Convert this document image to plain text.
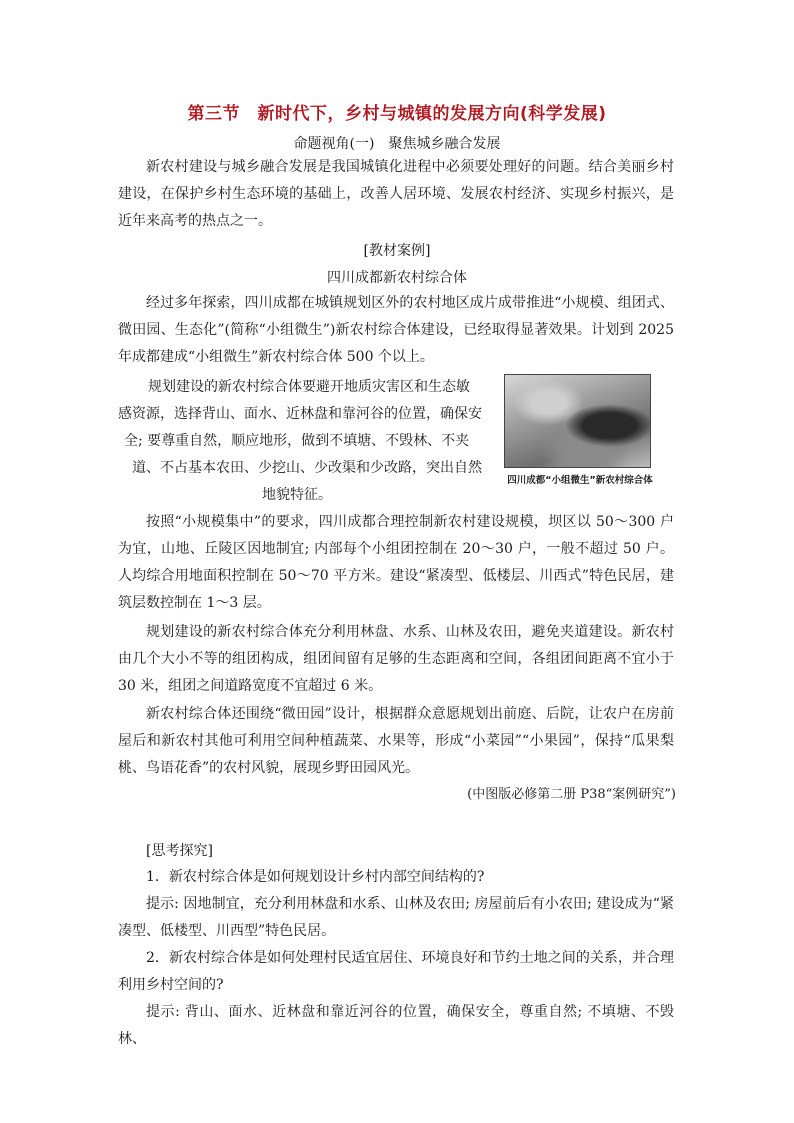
第三节　新时代下，乡村与城镇的发展方向(科学发展)
命题视角(一)　聚焦城乡融合发展
新农村建设与城乡融合发展是我国城镇化进程中必须要处理好的问题。结合美丽乡村建设，在保护乡村生态环境的基础上，改善人居环境、发展农村经济、实现乡村振兴，是近年来高考的热点之一。
[教材案例]
四川成都新农村综合体
经过多年探索，四川成都在城镇规划区外的农村地区成片成带推进“小规模、组团式、微田园、生态化”(简称“小组微生”)新农村综合体建设，已经取得显著效果。计划到 2025 年成都建成“小组微生”新农村综合体 500 个以上。
规划建设的新农村综合体要避开地质灾害区和生态敏
感资源，选择背山、面水、近林盘和靠河谷的位置，确保安
全; 要尊重自然，顺应地形，做到不填塘、不毁林、不夹
道、不占基本农田、少挖山、少改渠和少改路，突出自然
地貌特征。
四川成都“小组微生”新农村综合体
按照“小规模集中”的要求，四川成都合理控制新农村建设规模，坝区以 50～300 户为宜，山地、丘陵区因地制宜; 内部每个小组团控制在 20～30 户，一般不超过 50 户。人均综合用地面积控制在 50～70 平方米。建设“紧凑型、低楼层、川西式”特色民居，建筑层数控制在 1～3 层。
规划建设的新农村综合体充分利用林盘、水系、山林及农田，避免夹道建设。新农村由几个大小不等的组团构成，组团间留有足够的生态距离和空间，各组团间距离不宜小于 30 米，组团之间道路宽度不宜超过 6 米。
新农村综合体还围绕“微田园”设计，根据群众意愿规划出前庭、后院，让农户在房前屋后和新农村其他可利用空间种植蔬菜、水果等，形成“小菜园”“小果园”，保持“瓜果梨桃、鸟语花香”的农村风貌，展现乡野田园风光。
(中图版必修第二册 P38“案例研究”)
[思考探究]
1．新农村综合体是如何规划设计乡村内部空间结构的?
提示: 因地制宜，充分利用林盘和水系、山林及农田; 房屋前后有小农田; 建设成为“紧凑型、低楼型、川西型”特色民居。
2．新农村综合体是如何处理村民适宜居住、环境良好和节约土地之间的关系，并合理利用乡村空间的?
提示: 背山、面水、近林盘和靠近河谷的位置，确保安全，尊重自然; 不填塘、不毁林、
